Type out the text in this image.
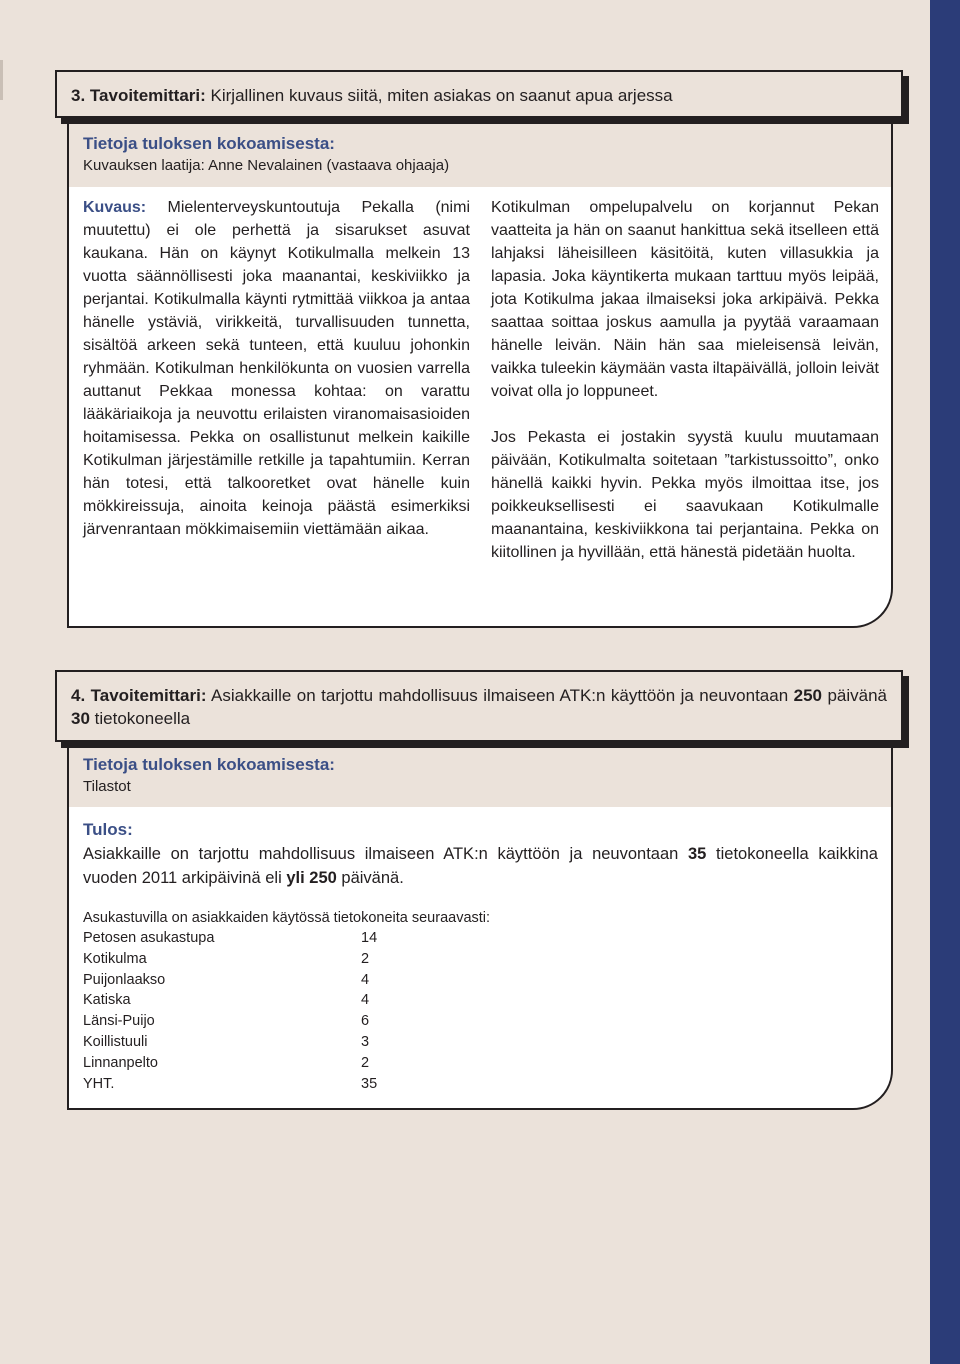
Tietoja tuloksen kokoamisesta:
Kuvauksen laatija: Anne Nevalainen (vastaava ohjaaja)

Kuvaus: Mielenterveyskuntoutuja Pekalla (nimi muutettu) ei ole perhettä ja sisarukset asuvat kaukana. Hän on käynyt Kotikulmalla melkein 13 vuotta säännöllisesti joka maanantai, keskiviikko ja perjantai. Kotikulmalla käynti rytmittää viikkoa ja antaa hänelle ystäviä, virikkeitä, turvallisuuden tunnetta, sisältöä arkeen sekä tunteen, että kuuluu johonkin ryhmään. Kotikulman henkilökunta on vuosien varrella auttanut Pekkaa monessa kohtaa: on varattu lääkäriaikoja ja neuvottu erilaisten viranomaisasioiden hoitamisessa. Pekka on osallistunut melkein kaikille Kotikulman järjestämille retkille ja tapahtumiin. Kerran hän totesi, että talkooretket ovat hänelle kuin mökkireissuja, ainoita keinoja päästä esimerkiksi järvenrantaan mökkimaisemiin viettämään aikaa.

Kotikulman ompelupalvelu on korjannut Pekan vaatteita ja hän on saanut hankittua sekä itselleen että lahjaksi läheisilleen käsitöitä, kuten villasukkia ja lapasia. Joka käyntikerta mukaan tarttuu myös leipää, jota Kotikulma jakaa ilmaiseksi joka arkipäivä. Pekka saattaa soittaa joskus aamulla ja pyytää varaamaan hänelle leivän. Näin hän saa mieleisensä leivän, vaikka tuleekin käymään vasta iltapäivällä, jolloin leivät voivat olla jo loppuneet.

Jos Pekasta ei jostakin syystä kuulu muutamaan päivään, Kotikulmalta soitetaan ”tarkistussoitto”, onko hänellä kaikki hyvin. Pekka myös ilmoittaa itse, jos poikkeuksellisesti ei saavukaan Kotikulmalle maanantaina, keskiviikkona tai perjantaina. Pekka on kiitollinen ja hyvillään, että hänestä pidetään huolta.

3. Tavoitemittari: Kirjallinen kuvaus siitä, miten asiakas on saanut apua arjessa
Tietoja tuloksen kokoamisesta:
Tilastot
Tulos:
Asiakkaille on tarjottu mahdollisuus ilmaiseen ATK:n käyttöön ja neuvontaan 35 tietokoneella kaikkina vuoden 2011 arkipäivinä eli yli 250 päivänä.
Asukastuvilla on asiakkaiden käytössä tietokoneita seuraavasti:
Petosen asukastupa	14
Kotikulma	2
Puijonlaakso	4
Katiska	4
Länsi-Puijo	6
Koillistuuli	3
Linnanpelto	2
YHT.	35
4. Tavoitemittari: Asiakkaille on tarjottu mahdollisuus ilmaiseen ATK:n käyttöön ja neuvontaan 250 päivänä 30 tietokoneella
